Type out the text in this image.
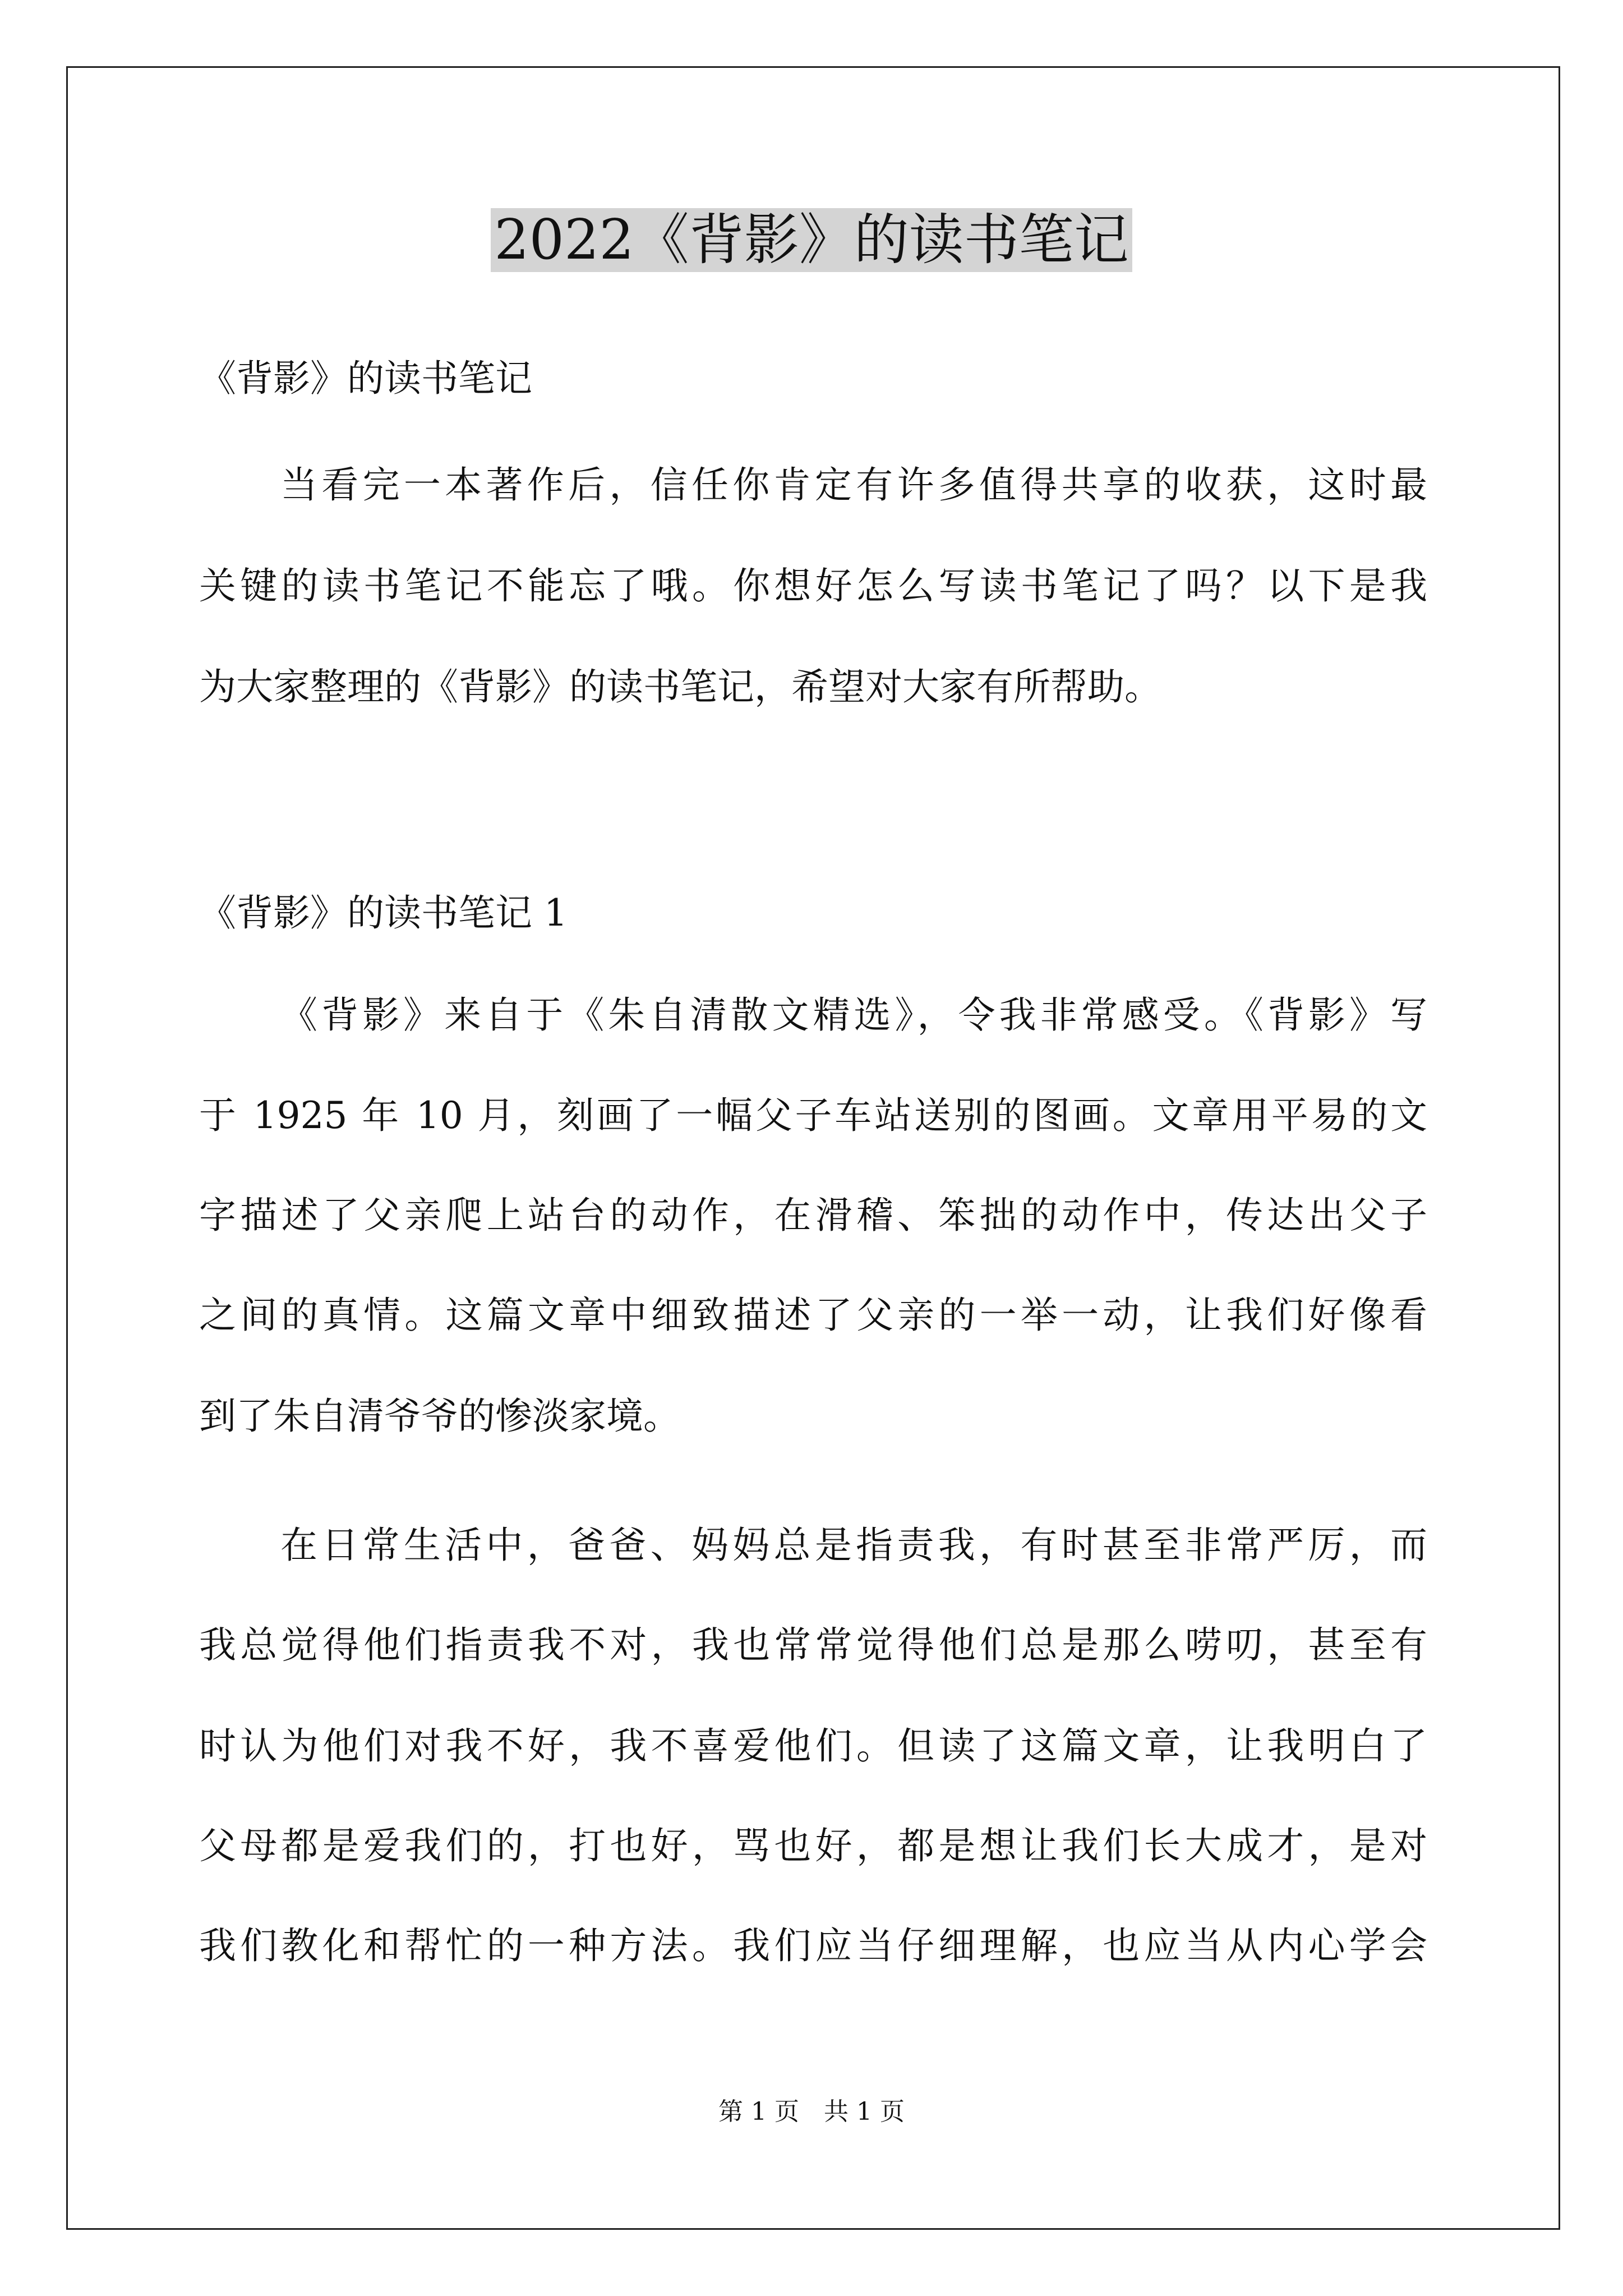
2022《背影》的读书笔记
《背影》的读书笔记
当看完一本著作后，信任你肯定有许多值得共享的收获，这时最
关键的读书笔记不能忘了哦。你想好怎么写读书笔记了吗？以下是我
为大家整理的《背影》的读书笔记，希望对大家有所帮助。
《背影》的读书笔记 1
《背影》来自于《朱自清散文精选》，令我非常感受。《背影》写
于 1925 年 10 月，刻画了一幅父子车站送别的图画。文章用平易的文
字描述了父亲爬上站台的动作，在滑稽、笨拙的动作中，传达出父子
之间的真情。这篇文章中细致描述了父亲的一举一动，让我们好像看
到了朱自清爷爷的惨淡家境。
在日常生活中，爸爸、妈妈总是指责我，有时甚至非常严厉，而
我总觉得他们指责我不对，我也常常觉得他们总是那么唠叨，甚至有
时认为他们对我不好，我不喜爱他们。但读了这篇文章，让我明白了
父母都是爱我们的，打也好，骂也好，都是想让我们长大成才，是对
我们教化和帮忙的一种方法。我们应当仔细理解，也应当从内心学会
第 1 页　共 1 页
